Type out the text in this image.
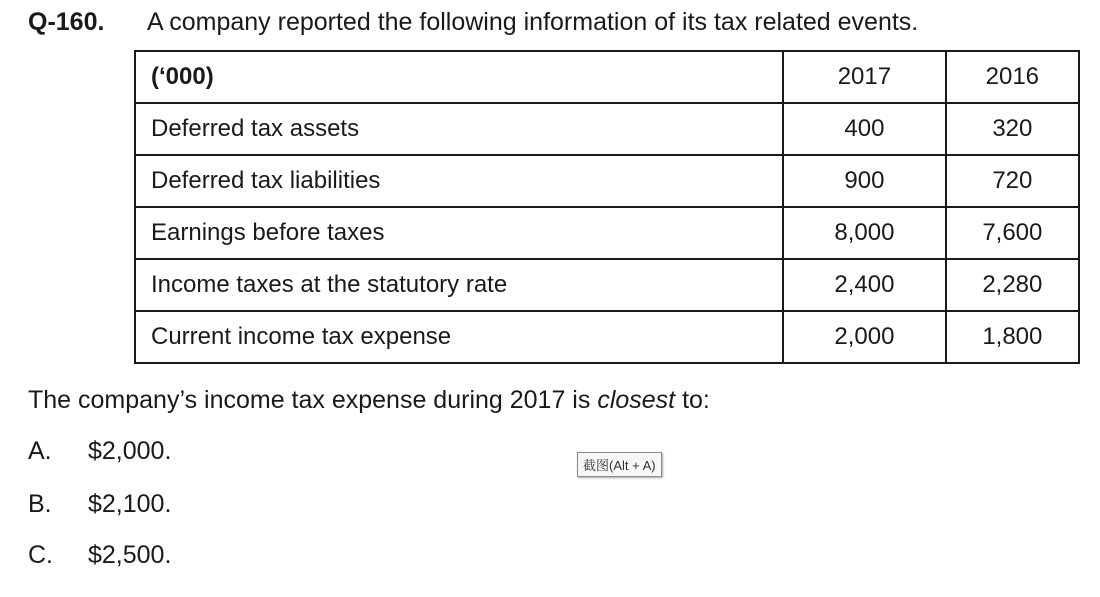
Q-160. A company reported the following information of its tax related events.
(‘000)	2017	2016
Deferred tax assets	400	320
Deferred tax liabilities	900	720
Earnings before taxes	8,000	7,600
Income taxes at the statutory rate	2,400	2,280
Current income tax expense	2,000	1,800
The company’s income tax expense during 2017 is closest to:
A.	$2,000.
B.	$2,100.
C.	$2,500.
截图(Alt + A)
